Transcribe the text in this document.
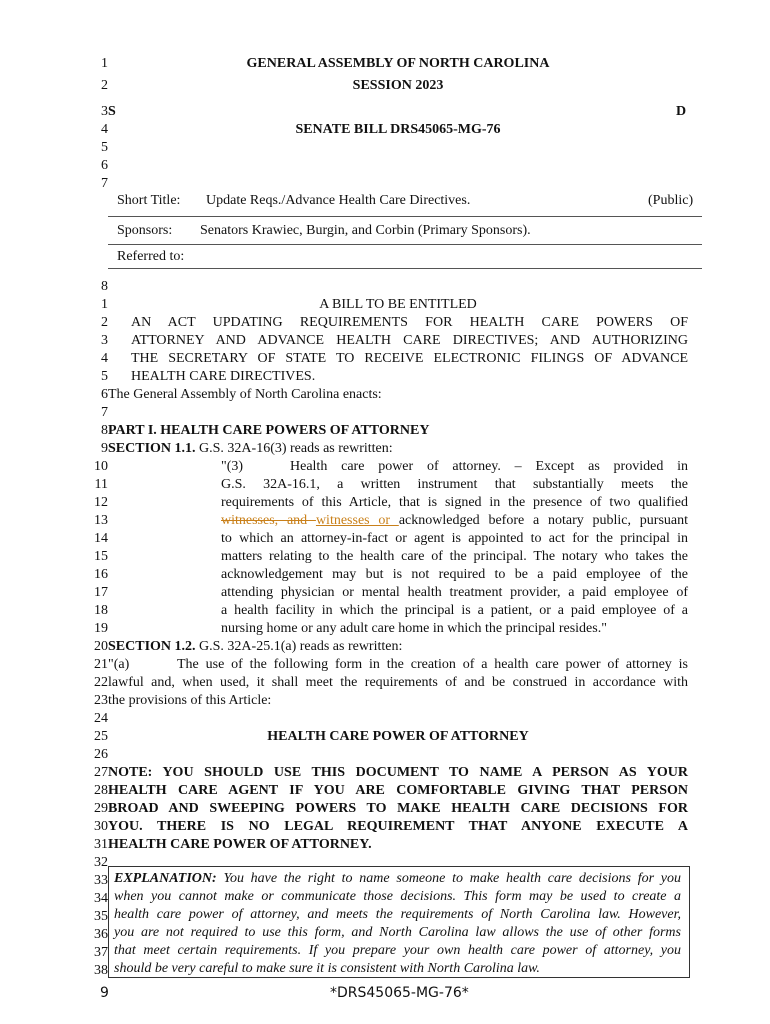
1	GENERAL ASSEMBLY OF NORTH CAROLINA
2	SESSION 2023
3 S	D
4	SENATE BILL DRS45065-MG-76
5
6
7
Short Title: Update Reqs./Advance Health Care Directives.	(Public)
Sponsors: Senators Krawiec, Burgin, and Corbin (Primary Sponsors).
Referred to:
8
1
2
3
4
5
6
7
8
9
10
11
12
13
14
15
16
17
18
19
20
21
22
23
24
25
26
27
28
29
30
31
32
33
34
35
36
37
38
A BILL TO BE ENTITLED
AN ACT UPDATING REQUIREMENTS FOR HEALTH CARE POWERS OF
ATTORNEY AND ADVANCE HEALTH CARE DIRECTIVES; AND AUTHORIZING
THE SECRETARY OF STATE TO RECEIVE ELECTRONIC FILINGS OF ADVANCE
HEALTH CARE DIRECTIVES.
The General Assembly of North Carolina enacts:
PART I. HEALTH CARE POWERS OF ATTORNEY
SECTION 1.1. G.S. 32A-16(3) reads as rewritten:
"(3)	Health care power of attorney. – Except as provided in
G.S. 32A-16.1, a written instrument that substantially meets the
requirements of this Article, that is signed in the presence of two qualified
witnesses, and witnesses or acknowledged before a notary public, pursuant
to which an attorney-in-fact or agent is appointed to act for the principal in
matters relating to the health care of the principal. The notary who takes the
acknowledgement may but is not required to be a paid employee of the
attending physician or mental health treatment provider, a paid employee of
a health facility in which the principal is a patient, or a paid employee of a
nursing home or any adult care home in which the principal resides."
SECTION 1.2. G.S. 32A-25.1(a) reads as rewritten:
"(a)	The use of the following form in the creation of a health care power of attorney is
lawful and, when used, it shall meet the requirements of and be construed in accordance with
the provisions of this Article:
HEALTH CARE POWER OF ATTORNEY
NOTE: YOU SHOULD USE THIS DOCUMENT TO NAME A PERSON AS YOUR
HEALTH CARE AGENT IF YOU ARE COMFORTABLE GIVING THAT PERSON
BROAD AND SWEEPING POWERS TO MAKE HEALTH CARE DECISIONS FOR
YOU. THERE IS NO LEGAL REQUIREMENT THAT ANYONE EXECUTE A
HEALTH CARE POWER OF ATTORNEY.
EXPLANATION: You have the right to name someone to make health care decisions for you
when you cannot make or communicate those decisions. This form may be used to create a
health care power of attorney, and meets the requirements of North Carolina law. However,
you are not required to use this form, and North Carolina law allows the use of other forms
that meet certain requirements. If you prepare your own health care power of attorney, you
should be very careful to make sure it is consistent with North Carolina law.
9	*DRS45065-MG-76*
